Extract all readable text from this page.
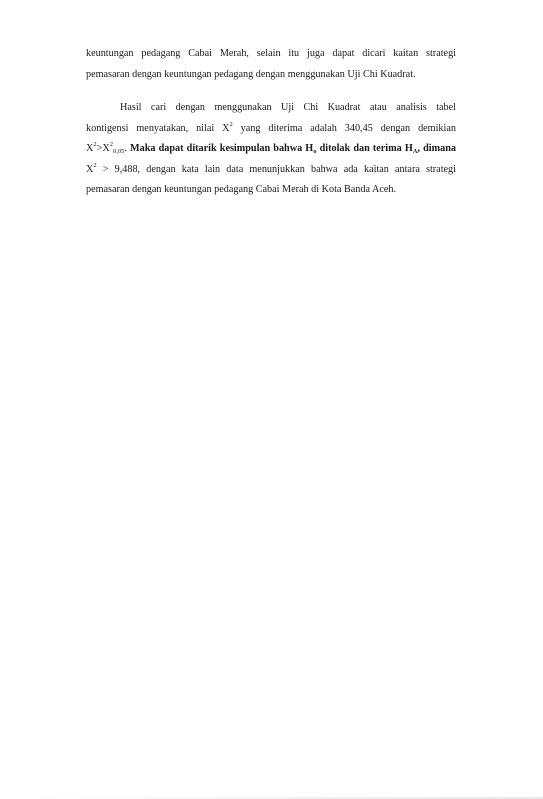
keuntungan pedagang Cabai Merah, selain itu juga dapat dicari kaitan strategi
pemasaran dengan keuntungan pedagang dengan menggunakan Uji Chi Kuadrat.
Hasil cari dengan menggunakan Uji Chi Kuadrat atau analisis tabel
kontigensi menyatakan, nilai $X^2$ yang diterima adalah 340,45 dengan demikian
$X^2>X^2_{0,05}$. Maka dapat ditarik kesimpulan bahwa $H_o$ ditolak dan terima $H_A$, dimana
$X^2 > 9,488$, dengan kata lain data menunjukkan bahwa ada kaitan antara strategi
pemasaran dengan keuntungan pedagang Cabai Merah di Kota Banda Aceh.
